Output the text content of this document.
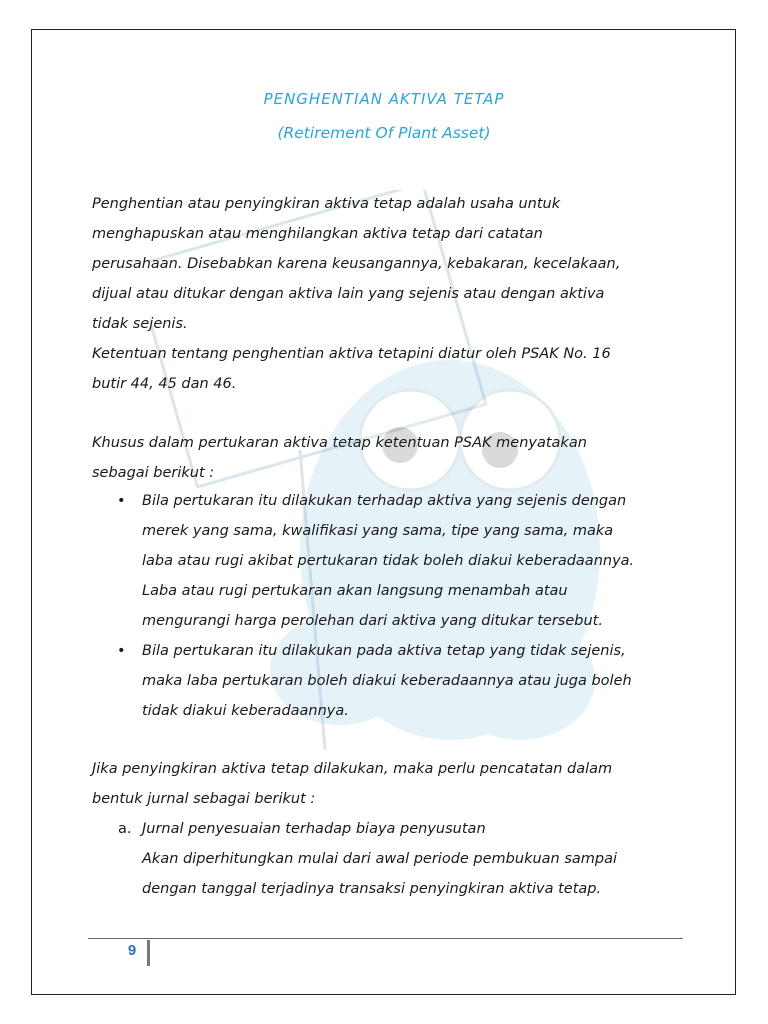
PENGHENTIAN AKTIVA TETAP
(Retirement Of Plant Asset)

Penghentian atau penyingkiran aktiva tetap adalah usaha untuk

menghapuskan atau menghilangkan aktiva tetap dari catatan

perusahaan. Disebabkan karena keusangannya, kebakaran, kecelakaan,

dijual atau ditukar dengan aktiva lain yang sejenis atau dengan aktiva

tidak sejenis.

Ketentuan tentang penghentian aktiva tetapini diatur oleh PSAK No. 16

butir 44, 45 dan 46.

Khusus dalam pertukaran aktiva tetap ketentuan PSAK menyatakan

sebagai berikut :

• Bila pertukaran itu dilakukan terhadap aktiva yang sejenis dengan

merek yang sama, kwalifikasi yang sama, tipe yang sama, maka

laba atau rugi akibat pertukaran tidak boleh diakui keberadaannya.

Laba atau rugi pertukaran akan langsung menambah atau

mengurangi harga perolehan dari aktiva yang ditukar tersebut.

• Bila pertukaran itu dilakukan pada aktiva tetap yang tidak sejenis,

maka laba pertukaran boleh diakui keberadaannya atau juga boleh

tidak diakui keberadaannya.

Jika penyingkiran aktiva tetap dilakukan, maka perlu pencatatan dalam

bentuk jurnal sebagai berikut :

a. Jurnal penyesuaian terhadap biaya penyusutan
Akan diperhitungkan mulai dari awal periode pembukuan sampai
dengan tanggal terjadinya transaksi penyingkiran aktiva tetap.
9
